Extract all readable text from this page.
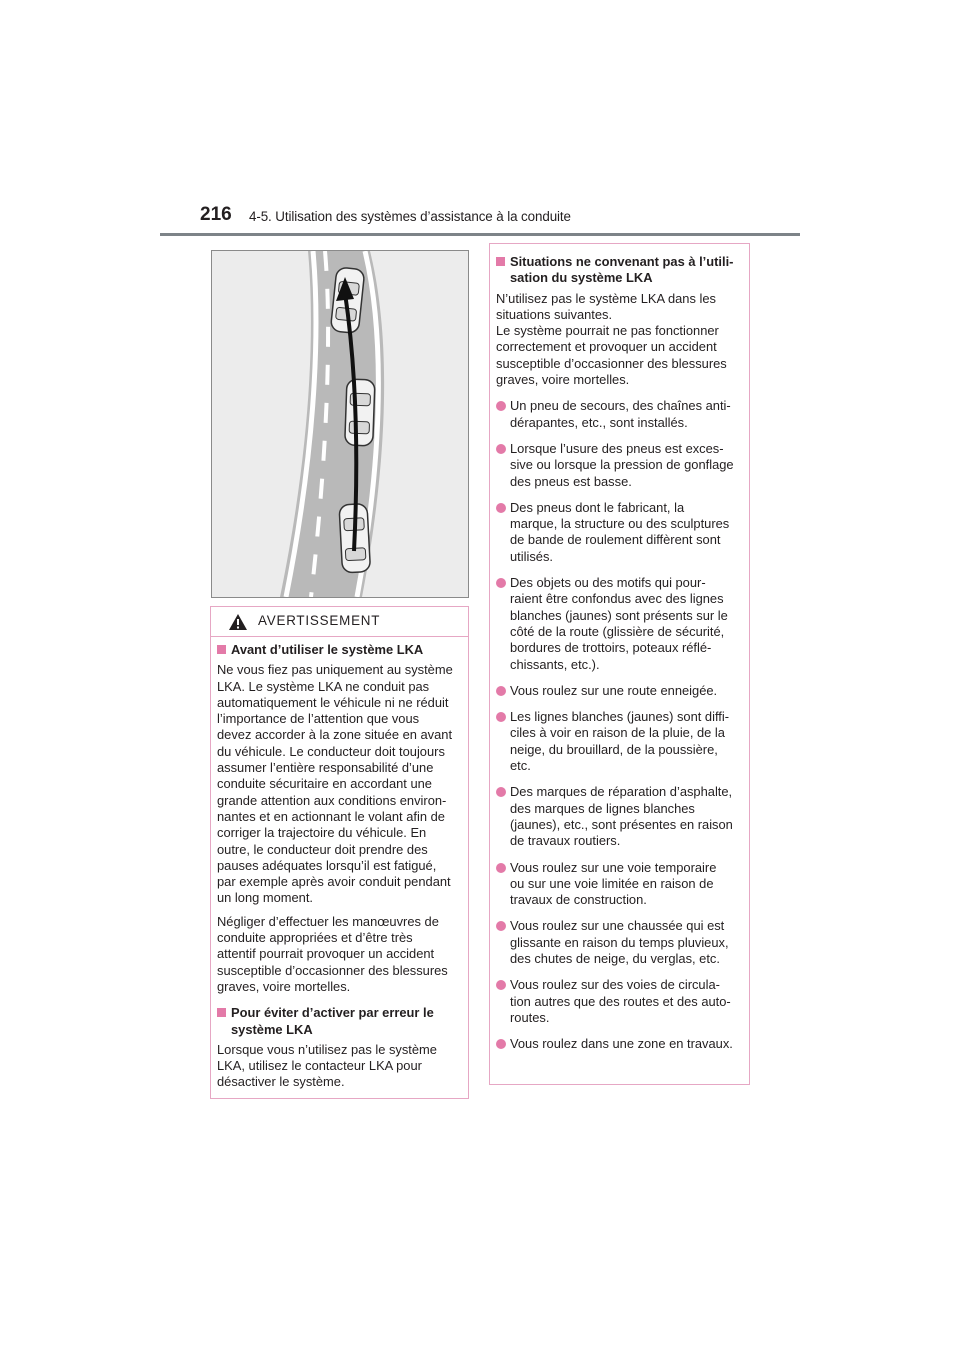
216 4-5. Utilisation des systèmes d’assistance à la conduite
AVERTISSEMENT
Avant d’utiliser le système LKA
Ne vous fiez pas uniquement au système
LKA. Le système LKA ne conduit pas
automatiquement le véhicule ni ne réduit
l’importance de l’attention que vous
devez accorder à la zone située en avant
du véhicule. Le conducteur doit toujours
assumer l’entière responsabilité d’une
conduite sécuritaire en accordant une
grande attention aux conditions environ-
nantes et en actionnant le volant afin de
corriger la trajectoire du véhicule. En
outre, le conducteur doit prendre des
pauses adéquates lorsqu’il est fatigué,
par exemple après avoir conduit pendant
un long moment.
Négliger d’effectuer les manœuvres de
conduite appropriées et d’être très
attentif pourrait provoquer un accident
susceptible d’occasionner des blessures
graves, voire mortelles.
Pour éviter d’activer par erreur le
système LKA
Lorsque vous n’utilisez pas le système
LKA, utilisez le contacteur LKA pour
désactiver le système.
Situations ne convenant pas à l’utili-
sation du système LKA
N’utilisez pas le système LKA dans les
situations suivantes.
Le système pourrait ne pas fonctionner
correctement et provoquer un accident
susceptible d’occasionner des blessures
graves, voire mortelles.
Un pneu de secours, des chaînes anti-
dérapantes, etc., sont installés.
Lorsque l’usure des pneus est exces-
sive ou lorsque la pression de gonflage
des pneus est basse.
Des pneus dont le fabricant, la
marque, la structure ou des sculptures
de bande de roulement diffèrent sont
utilisés.
Des objets ou des motifs qui pour-
raient être confondus avec des lignes
blanches (jaunes) sont présents sur le
côté de la route (glissière de sécurité,
bordures de trottoirs, poteaux réflé-
chissants, etc.).
Vous roulez sur une route enneigée.
Les lignes blanches (jaunes) sont diffi-
ciles à voir en raison de la pluie, de la
neige, du brouillard, de la poussière,
etc.
Des marques de réparation d’asphalte,
des marques de lignes blanches
(jaunes), etc., sont présentes en raison
de travaux routiers.
Vous roulez sur une voie temporaire
ou sur une voie limitée en raison de
travaux de construction.
Vous roulez sur une chaussée qui est
glissante en raison du temps pluvieux,
des chutes de neige, du verglas, etc.
Vous roulez sur des voies de circula-
tion autres que des routes et des auto-
routes.
Vous roulez dans une zone en travaux.
